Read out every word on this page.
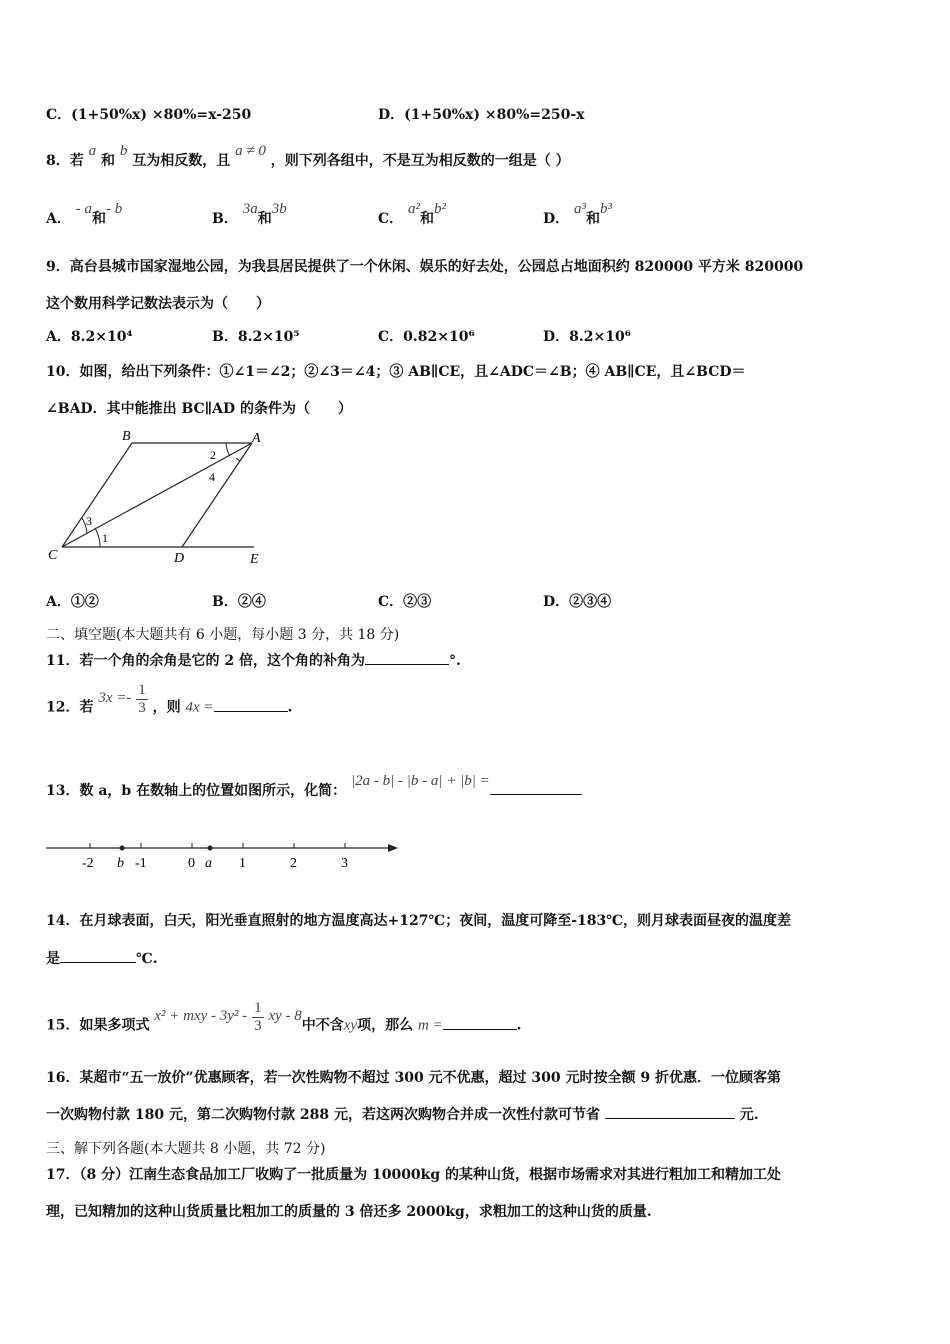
C．(1+50%x) ×80%=x-250	D．(1+50%x) ×80%=250-x
8．若 a 和 b 互为相反数，且 a ≠ 0 ，则下列各组中，不是互为相反数的一组是（ ）
A． - a和- b
B． 3a和3b
C． a²和b²
D． a³和b³
9．高台县城市国家湿地公园，为我县居民提供了一个休闲、娱乐的好去处，公园总占地面积约 820000 平方米 820000
这个数用科学记数法表示为（　　）
A．8.2×10⁴	B．8.2×10⁵	C．0.82×10⁶	D．8.2×10⁶
10．如图，给出下列条件：①∠1＝∠2；②∠3＝∠4；③ AB∥CE，且∠ADC＝∠B；④ AB∥CE，且∠BCD＝
∠BAD．其中能推出 BC∥AD 的条件为（　　）
B	A
C	D	E
1
2
3
4
A．①②	B．②④	C．②③	D．②③④
二、填空题(本大题共有 6 小题，每小题 3 分，共 18 分)
11．若一个角的余角是它的 2 倍，这个角的补角为	°.
12．若 $3x =- \frac{1}{3}$ ，则 4x =	.
13．数 a，b 在数轴上的位置如图所示，化简： |2a - b| - |b - a| + |b| =
-2	-1	0	1	2	3
b	a
14．在月球表面，白天，阳光垂直照射的地方温度高达+127℃；夜间，温度可降至-183℃，则月球表面昼夜的温度差
是	℃.
15．如果多项式 x² + mxy - $3y^2 - \frac{1}{3}$ xy - 8中不含xy项，那么 m =	.
16．某超市“五一放价”优惠顾客，若一次性购物不超过 300 元不优惠，超过 300 元时按全额 9 折优惠．一位顾客第
一次购物付款 180 元，第二次购物付款 288 元，若这两次购物合并成一次性付款可节省	元.
三、解下列各题(本大题共 8 小题，共 72 分)
17．（8 分）江南生态食品加工厂收购了一批质量为 10000kg 的某种山货，根据市场需求对其进行粗加工和精加工处
理，已知精加的这种山货质量比粗加工的质量的 3 倍还多 2000kg，求粗加工的这种山货的质量.
